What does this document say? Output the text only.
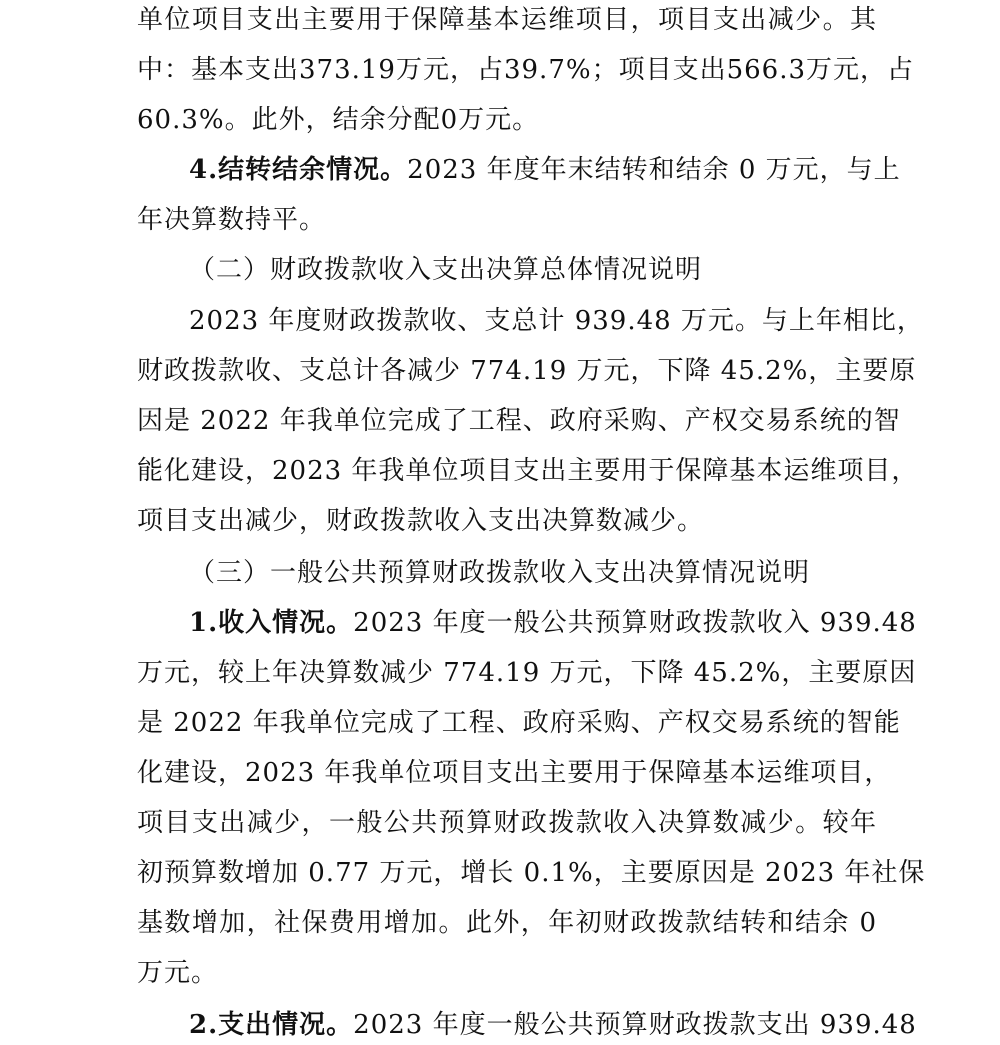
单位项目支出主要用于保障基本运维项目，项目支出减少。其
中：基本支出373.19万元，占39.7%；项目支出566.3万元，占
60.3%。此外，结余分配0万元。
4.结转结余情况。2023 年度年末结转和结余 0 万元，与上
年决算数持平。
（二）财政拨款收入支出决算总体情况说明
2023 年度财政拨款收、支总计 939.48 万元。与上年相比，
财政拨款收、支总计各减少 774.19 万元，下降 45.2%，主要原
因是 2022 年我单位完成了工程、政府采购、产权交易系统的智
能化建设，2023 年我单位项目支出主要用于保障基本运维项目，
项目支出减少，财政拨款收入支出决算数减少。
（三）一般公共预算财政拨款收入支出决算情况说明
1.收入情况。2023 年度一般公共预算财政拨款收入 939.48
万元，较上年决算数减少 774.19 万元，下降 45.2%，主要原因
是 2022 年我单位完成了工程、政府采购、产权交易系统的智能
化建设，2023 年我单位项目支出主要用于保障基本运维项目，
项目支出减少，一般公共预算财政拨款收入决算数减少。较年
初预算数增加 0.77 万元，增长 0.1%，主要原因是 2023 年社保
基数增加，社保费用增加。此外，年初财政拨款结转和结余 0
万元。
2.支出情况。2023 年度一般公共预算财政拨款支出 939.48
